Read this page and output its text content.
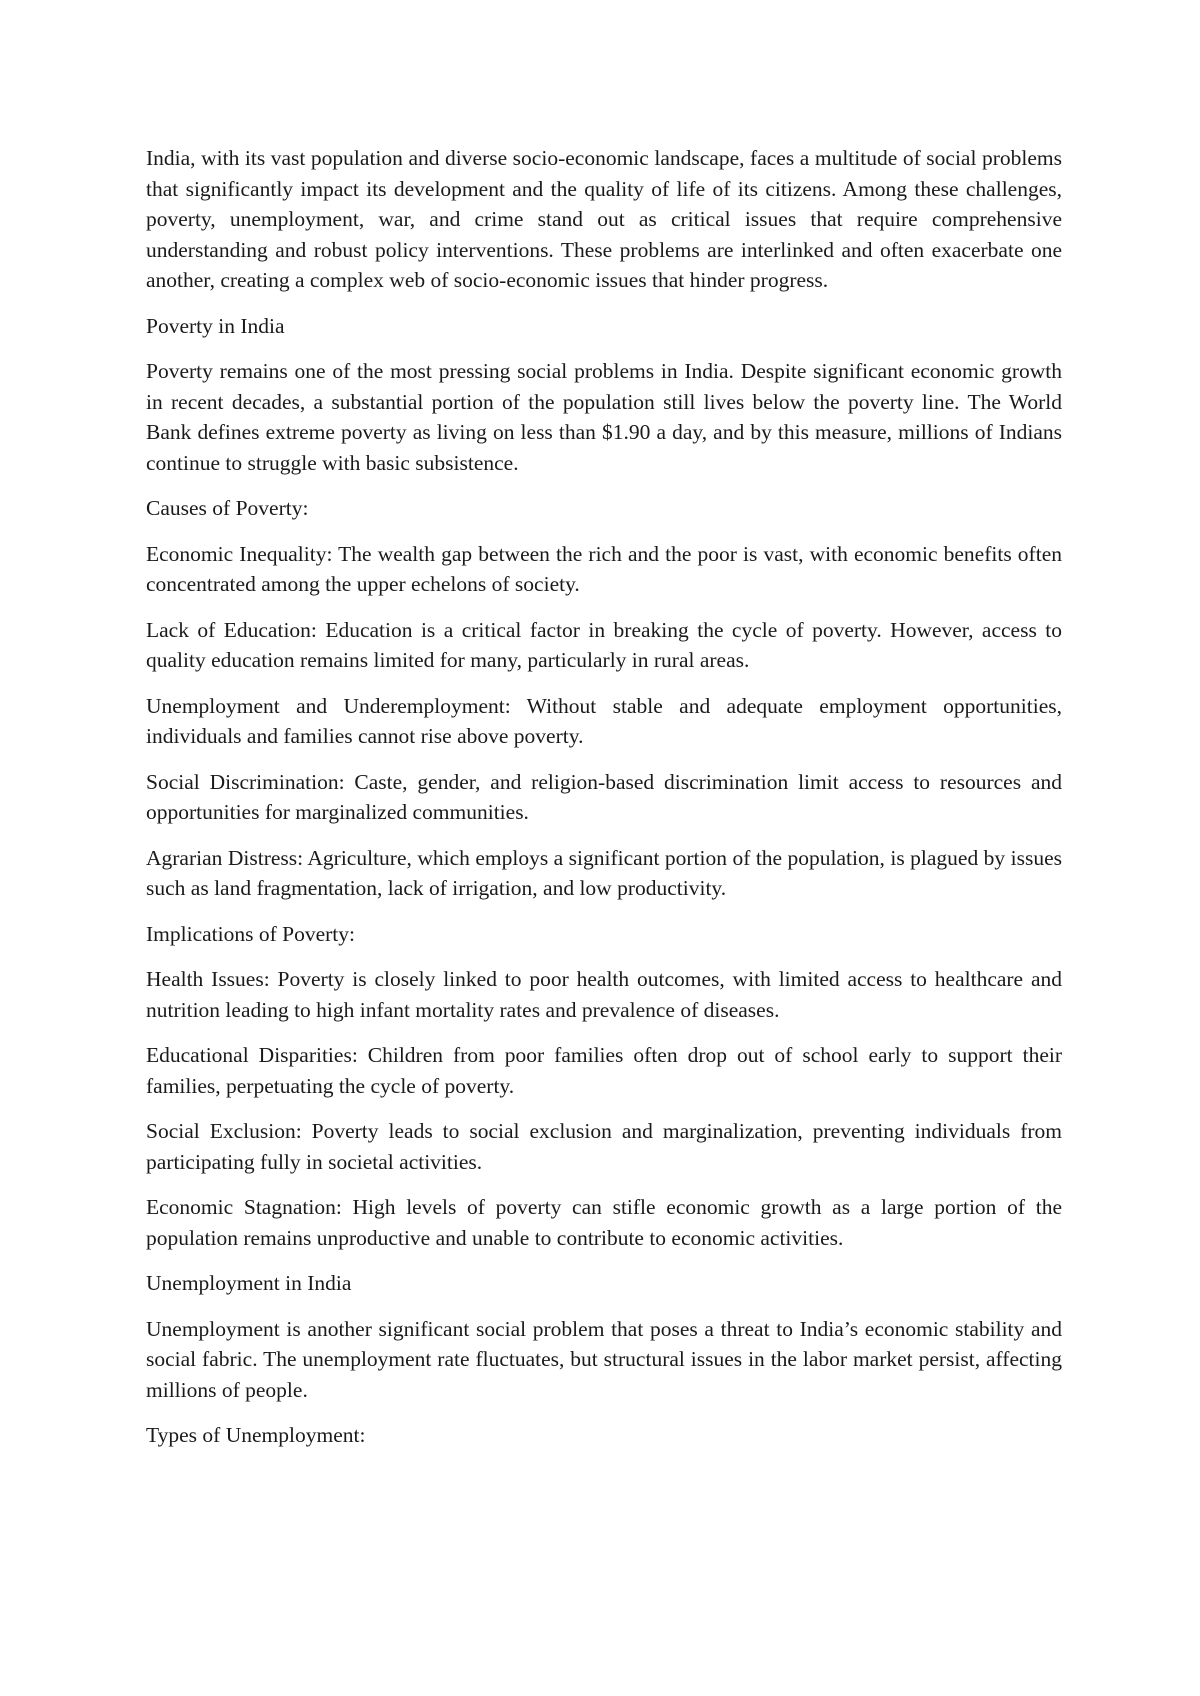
India, with its vast population and diverse socio-economic landscape, faces a multitude of social problems that significantly impact its development and the quality of life of its citizens. Among these challenges, poverty, unemployment, war, and crime stand out as critical issues that require comprehensive understanding and robust policy interventions. These problems are interlinked and often exacerbate one another, creating a complex web of socio-economic issues that hinder progress.

Poverty in India

Poverty remains one of the most pressing social problems in India. Despite significant economic growth in recent decades, a substantial portion of the population still lives below the poverty line. The World Bank defines extreme poverty as living on less than $1.90 a day, and by this measure, millions of Indians continue to struggle with basic subsistence.

Causes of Poverty:

Economic Inequality: The wealth gap between the rich and the poor is vast, with economic benefits often concentrated among the upper echelons of society.

Lack of Education: Education is a critical factor in breaking the cycle of poverty. However, access to quality education remains limited for many, particularly in rural areas.

Unemployment and Underemployment: Without stable and adequate employment opportunities, individuals and families cannot rise above poverty.

Social Discrimination: Caste, gender, and religion-based discrimination limit access to resources and opportunities for marginalized communities.

Agrarian Distress: Agriculture, which employs a significant portion of the population, is plagued by issues such as land fragmentation, lack of irrigation, and low productivity.

Implications of Poverty:

Health Issues: Poverty is closely linked to poor health outcomes, with limited access to healthcare and nutrition leading to high infant mortality rates and prevalence of diseases.

Educational Disparities: Children from poor families often drop out of school early to support their families, perpetuating the cycle of poverty.

Social Exclusion: Poverty leads to social exclusion and marginalization, preventing individuals from participating fully in societal activities.

Economic Stagnation: High levels of poverty can stifle economic growth as a large portion of the population remains unproductive and unable to contribute to economic activities.

Unemployment in India

Unemployment is another significant social problem that poses a threat to India’s economic stability and social fabric. The unemployment rate fluctuates, but structural issues in the labor market persist, affecting millions of people.

Types of Unemployment:
